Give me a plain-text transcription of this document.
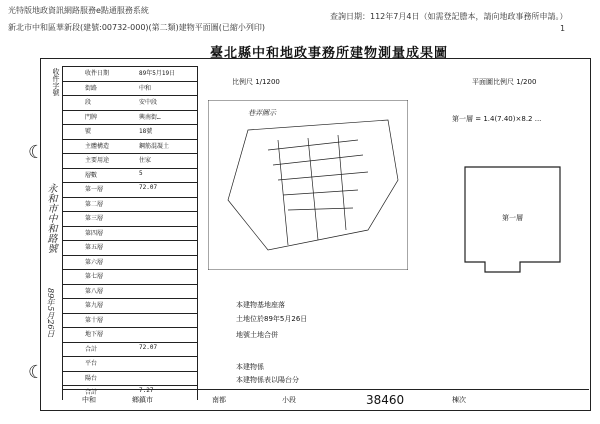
光特版地政資訊網路服務e點通服務系統
查詢日期：112年7月4日（如需登記謄本，請向地政事務所申請。）
新北市中和區華新段(建號:00732-000)(第二類)建物平面圖(已縮小列印)	1
臺北縣中和地政事務所建物測量成果圖
收件字號	收件日期	89年5月19日
街路	中和
段	安中段
門牌	興南街…
號	18號
主體構造	鋼筋混凝土
主要用途	住家
層數	5
第一層	72.07
第二層
第三層
第四層
第五層
第六層
第七層
第八層
第九層
第十層
地下層
合計	72.07
平台
陽台
合計	7.27
永和市中和路號
89年5月26日
比例尺 1/1200	平面圖比例尺 1/200
巷弄圖示
第一層 = 1.4(7.40)×8.2 ...
第一層
本建物基地座落
土地位於89年5月26日
地號土地合併
本建物係
本建物係表以陽台分
中和	鄉鎮市	南都	小段	38460	棟次
☾
☾
